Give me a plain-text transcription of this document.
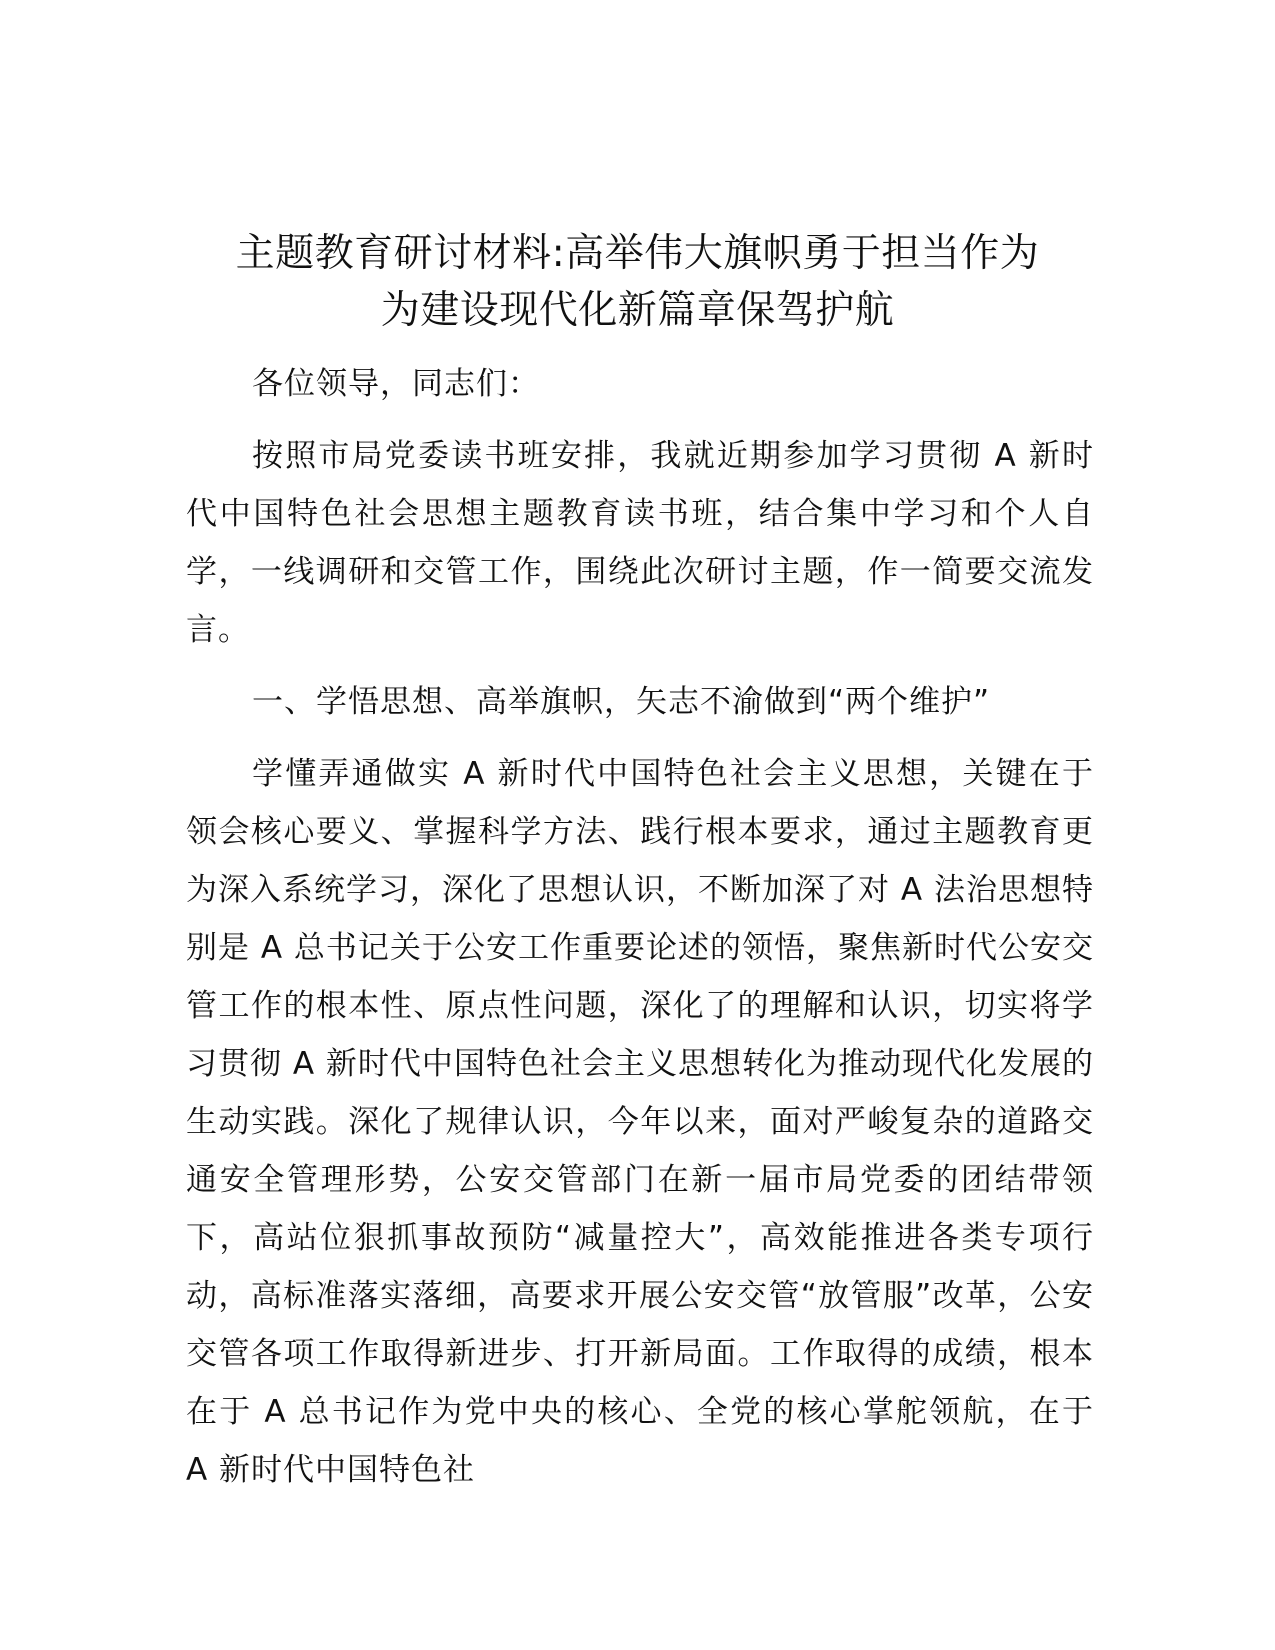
主题教育研讨材料:高举伟大旗帜勇于担当作为
为建设现代化新篇章保驾护航

各位领导，同志们：

按照市局党委读书班安排，我就近期参加学习贯彻 A 新时代中国特色社会思想主题教育读书班，结合集中学习和个人自学，一线调研和交管工作，围绕此次研讨主题，作一简要交流发言。

一、学悟思想、高举旗帜，矢志不渝做到“两个维护”

学懂弄通做实 A 新时代中国特色社会主义思想，关键在于领会核心要义、掌握科学方法、践行根本要求，通过主题教育更为深入系统学习，深化了思想认识，不断加深了对 A 法治思想特别是 A 总书记关于公安工作重要论述的领悟，聚焦新时代公安交管工作的根本性、原点性问题，深化了的理解和认识，切实将学习贯彻 A 新时代中国特色社会主义思想转化为推动现代化发展的生动实践。深化了规律认识，今年以来，面对严峻复杂的道路交通安全管理形势，公安交管部门在新一届市局党委的团结带领下，高站位狠抓事故预防“减量控大”，高效能推进各类专项行动，高标准落实落细，高要求开展公安交管“放管服”改革，公安交管各项工作取得新进步、打开新局面。工作取得的成绩，根本在于 A 总书记作为党中央的核心、全党的核心掌舵领航，在于 A 新时代中国特色社
